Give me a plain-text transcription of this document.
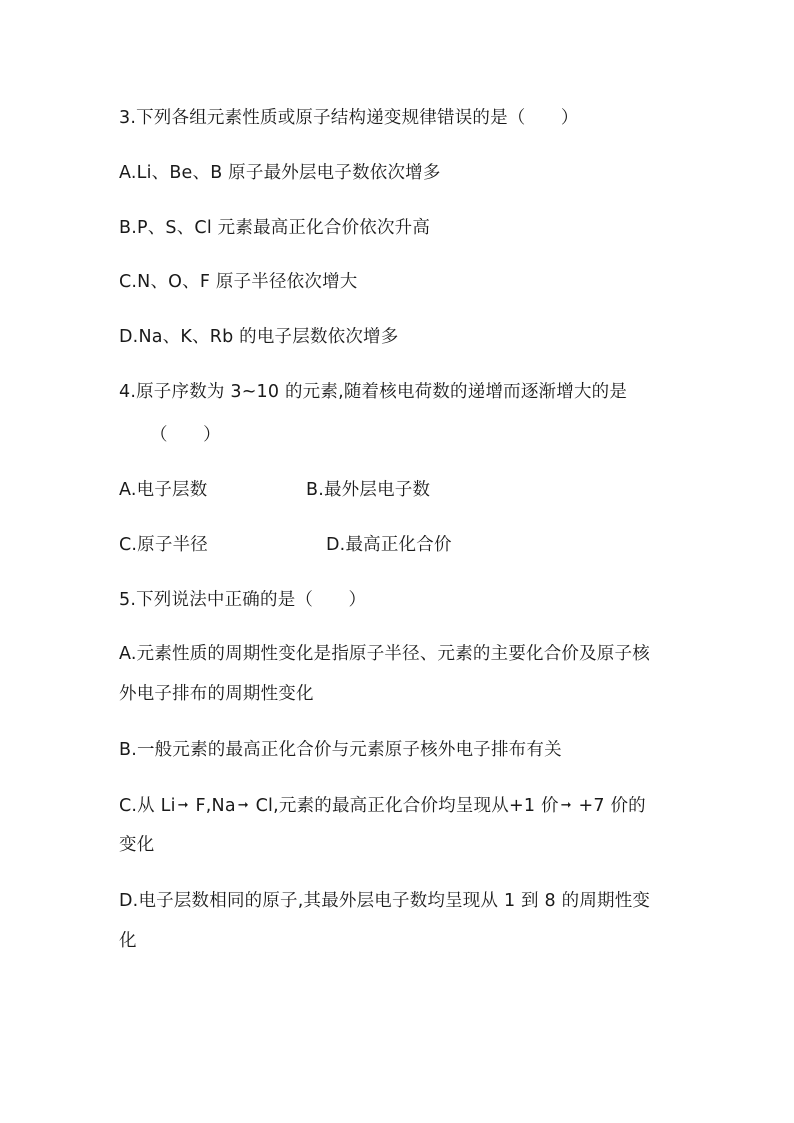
3.下列各组元素性质或原子结构递变规律错误的是（　　）
A.Li、Be、B 原子最外层电子数依次增多
B.P、S、Cl 元素最高正化合价依次升高
C.N、O、F 原子半径依次增大
D.Na、K、Rb 的电子层数依次增多
4.原子序数为 3~10 的元素,随着核电荷数的递增而逐渐增大的是
（　　）
A.电子层数	B.最外层电子数
C.原子半径	D.最高正化合价
5.下列说法中正确的是（　　）
A.元素性质的周期性变化是指原子半径、元素的主要化合价及原子核
外电子排布的周期性变化
B.一般元素的最高正化合价与元素原子核外电子排布有关
C.从 Li ➞ F,Na ➞ Cl,元素的最高正化合价均呈现从+1 价 ➞ +7 价的
变化
D.电子层数相同的原子,其最外层电子数均呈现从 1 到 8 的周期性变
化
